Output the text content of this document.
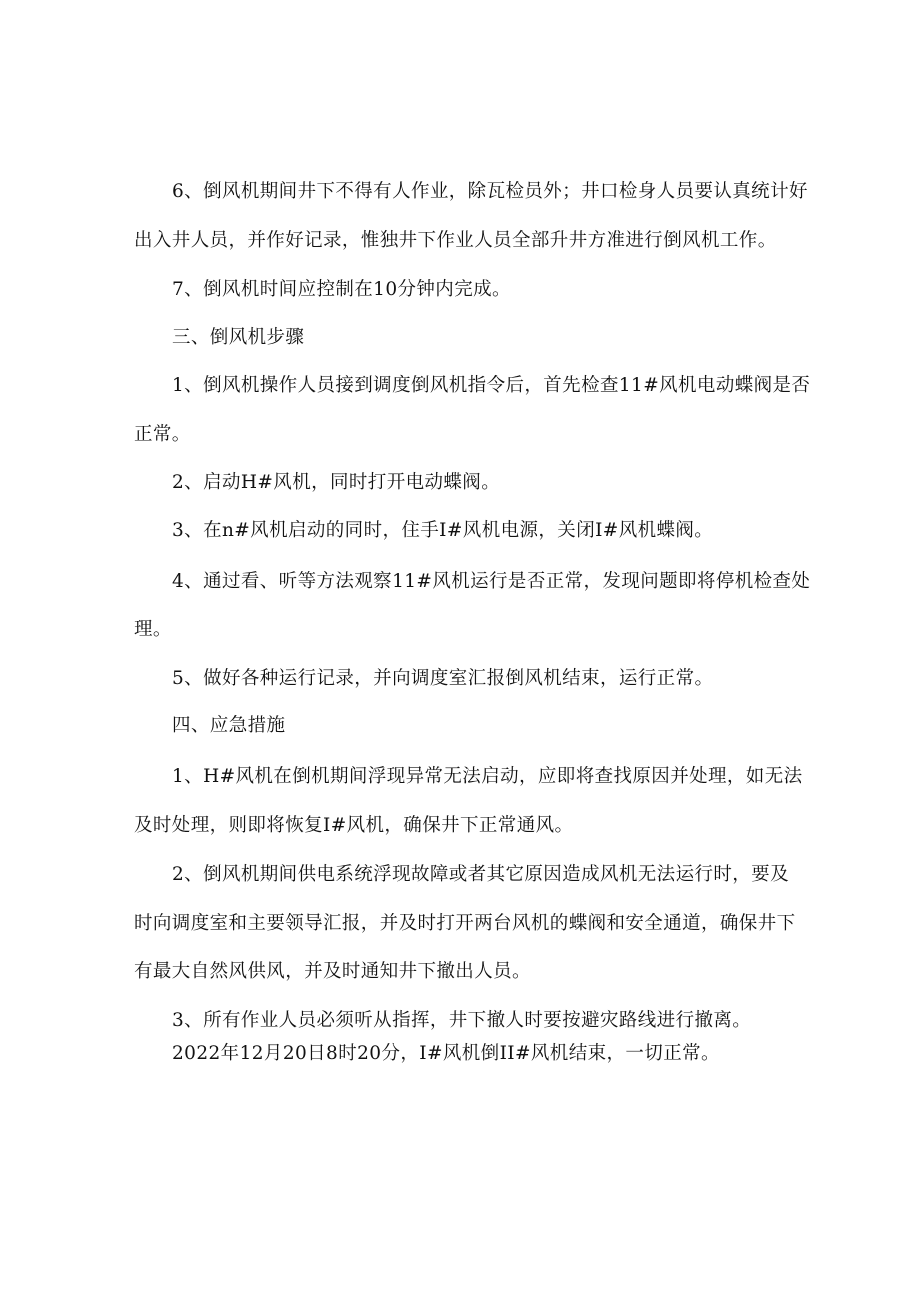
6、倒风机期间井下不得有人作业，除瓦检员外；井口检身人员要认真统计好
出入井人员，并作好记录，惟独井下作业人员全部升井方准进行倒风机工作。
7、倒风机时间应控制在10分钟内完成。
三、倒风机步骤
1、倒风机操作人员接到调度倒风机指令后，首先检查11#风机电动蝶阀是否
正常。
2、启动H#风机，同时打开电动蝶阀。
3、在n#风机启动的同时，住手I#风机电源，关闭I#风机蝶阀。
4、通过看、听等方法观察11#风机运行是否正常，发现问题即将停机检查处
理。
5、做好各种运行记录，并向调度室汇报倒风机结束，运行正常。
四、应急措施
1、H#风机在倒机期间浮现异常无法启动，应即将查找原因并处理，如无法
及时处理，则即将恢复I#风机，确保井下正常通风。
2、倒风机期间供电系统浮现故障或者其它原因造成风机无法运行时，要及
时向调度室和主要领导汇报，并及时打开两台风机的蝶阀和安全通道，确保井下
有最大自然风供风，并及时通知井下撤出人员。
3、所有作业人员必须听从指挥，井下撤人时要按避灾路线进行撤离。
2022年12月20日8时20分，I#风机倒II#风机结束，一切正常。
